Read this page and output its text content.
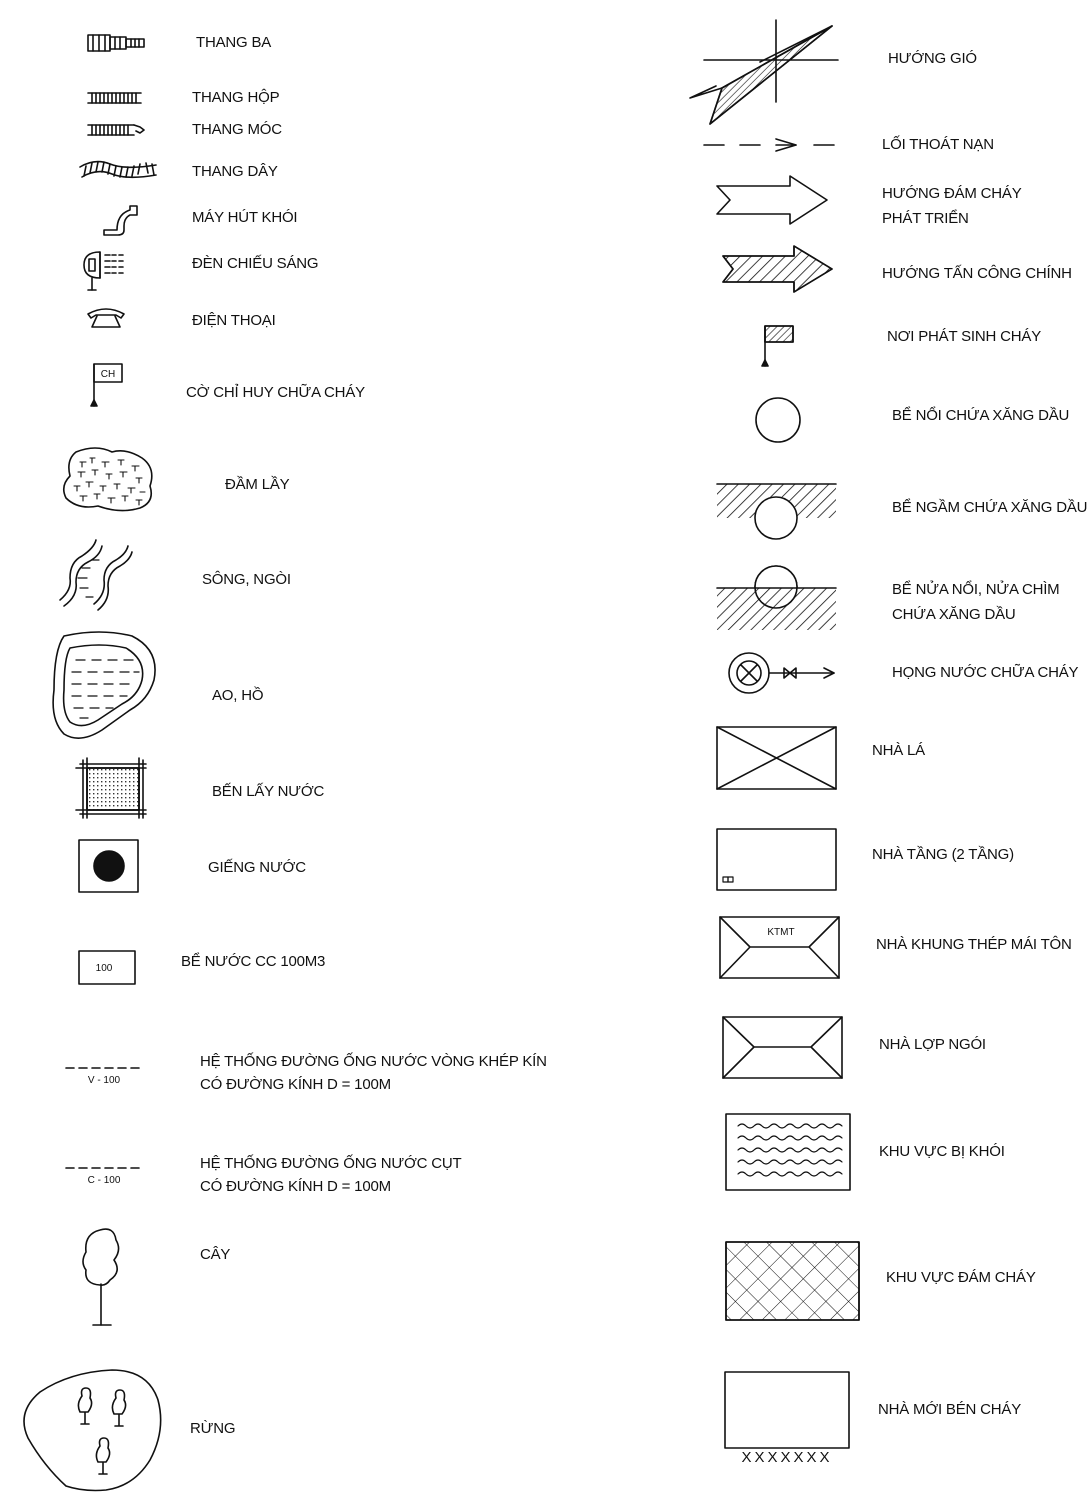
THANG BA
THANG HỘP
THANG MÓC
THANG DÂY
MÁY HÚT KHÓI
ĐÈN CHIẾU SÁNG
ĐIỆN THOẠI
CỜ CHỈ HUY CHỮA CHÁY
ĐẦM LẦY
SÔNG, NGÒI
AO, HỒ
BẾN LẤY NƯỚC
GIẾNG NƯỚC
BỂ NƯỚC CC 100M3
HỆ THỐNG ĐƯỜNG ỐNG NƯỚC VÒNG KHÉP KÍN
CÓ ĐƯỜNG KÍNH D = 100M
HỆ THỐNG ĐƯỜNG ỐNG NƯỚC CỤT
CÓ ĐƯỜNG KÍNH D = 100M
CÂY
RỪNG
HƯỚNG GIÓ
LỐI THOÁT NẠN
HƯỚNG ĐÁM CHÁY
PHÁT TRIỂN
HƯỚNG TẤN CÔNG CHÍNH
NƠI PHÁT SINH CHÁY
BỂ NỔI CHỨA XĂNG DẦU
BỂ NGẦM CHỨA XĂNG DẦU
BỂ NỬA NỔI, NỬA CHÌM
CHỨA XĂNG DẦU
HỌNG NƯỚC CHỮA CHÁY
NHÀ LÁ
NHÀ TẦNG (2 TẦNG)
NHÀ KHUNG THÉP MÁI TÔN
NHÀ LỢP NGÓI
KHU VỰC BỊ KHÓI
KHU VỰC ĐÁM CHÁY
NHÀ MỚI BÉN CHÁY
CH
100
V - 100
C - 100
KTMT
XXXXXXX
